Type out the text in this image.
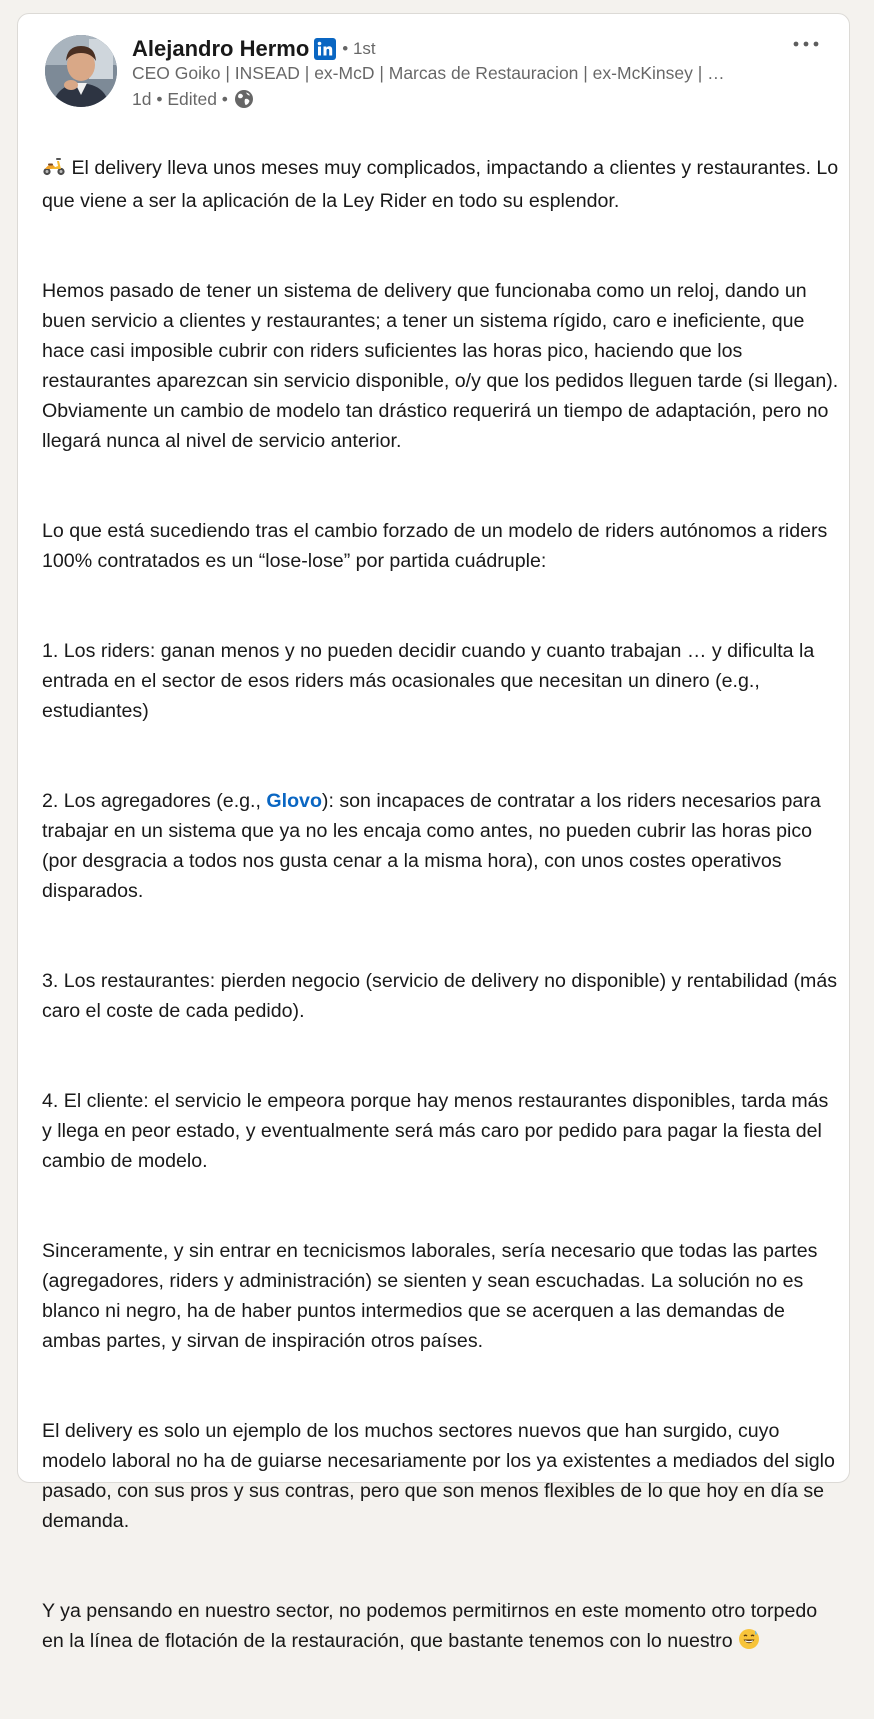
Alejandro Hermo • 1st
CEO Goiko | INSEAD | ex-McD | Marcas de Restauracion | ex-McKinsey | …
1d • Edited •

El delivery lleva unos meses muy complicados, impactando a clientes y restaurantes. Lo que viene a ser la aplicación de la Ley Rider en todo su esplendor.

Hemos pasado de tener un sistema de delivery que funcionaba como un reloj, dando un buen servicio a clientes y restaurantes; a tener un sistema rígido, caro e ineficiente, que hace casi imposible cubrir con riders suficientes las horas pico, haciendo que los restaurantes aparezcan sin servicio disponible, o/y que los pedidos lleguen tarde (si llegan). Obviamente un cambio de modelo tan drástico requerirá un tiempo de adaptación, pero no llegará nunca al nivel de servicio anterior.

Lo que está sucediendo tras el cambio forzado de un modelo de riders autónomos a riders 100% contratados es un “lose-lose” por partida cuádruple:

1. Los riders: ganan menos y no pueden decidir cuando y cuanto trabajan … y dificulta la entrada en el sector de esos riders más ocasionales que necesitan un dinero (e.g., estudiantes)

2. Los agregadores (e.g., Glovo): son incapaces de contratar a los riders necesarios para trabajar en un sistema que ya no les encaja como antes, no pueden cubrir las horas pico (por desgracia a todos nos gusta cenar a la misma hora), con unos costes operativos disparados.

3. Los restaurantes: pierden negocio (servicio de delivery no disponible) y rentabilidad (más caro el coste de cada pedido).

4. El cliente: el servicio le empeora porque hay menos restaurantes disponibles, tarda más y llega en peor estado, y eventualmente será más caro por pedido para pagar la fiesta del cambio de modelo.

Sinceramente, y sin entrar en tecnicismos laborales, sería necesario que todas las partes (agregadores, riders y administración) se sienten y sean escuchadas. La solución no es blanco ni negro, ha de haber puntos intermedios que se acerquen a las demandas de ambas partes, y sirvan de inspiración otros países.

El delivery es solo un ejemplo de los muchos sectores nuevos que han surgido, cuyo modelo laboral no ha de guiarse necesariamente por los ya existentes a mediados del siglo pasado, con sus pros y sus contras, pero que son menos flexibles de lo que hoy en día se demanda.

Y ya pensando en nuestro sector, no podemos permitirnos en este momento otro torpedo en la línea de flotación de la restauración, que bastante tenemos con lo nuestro
